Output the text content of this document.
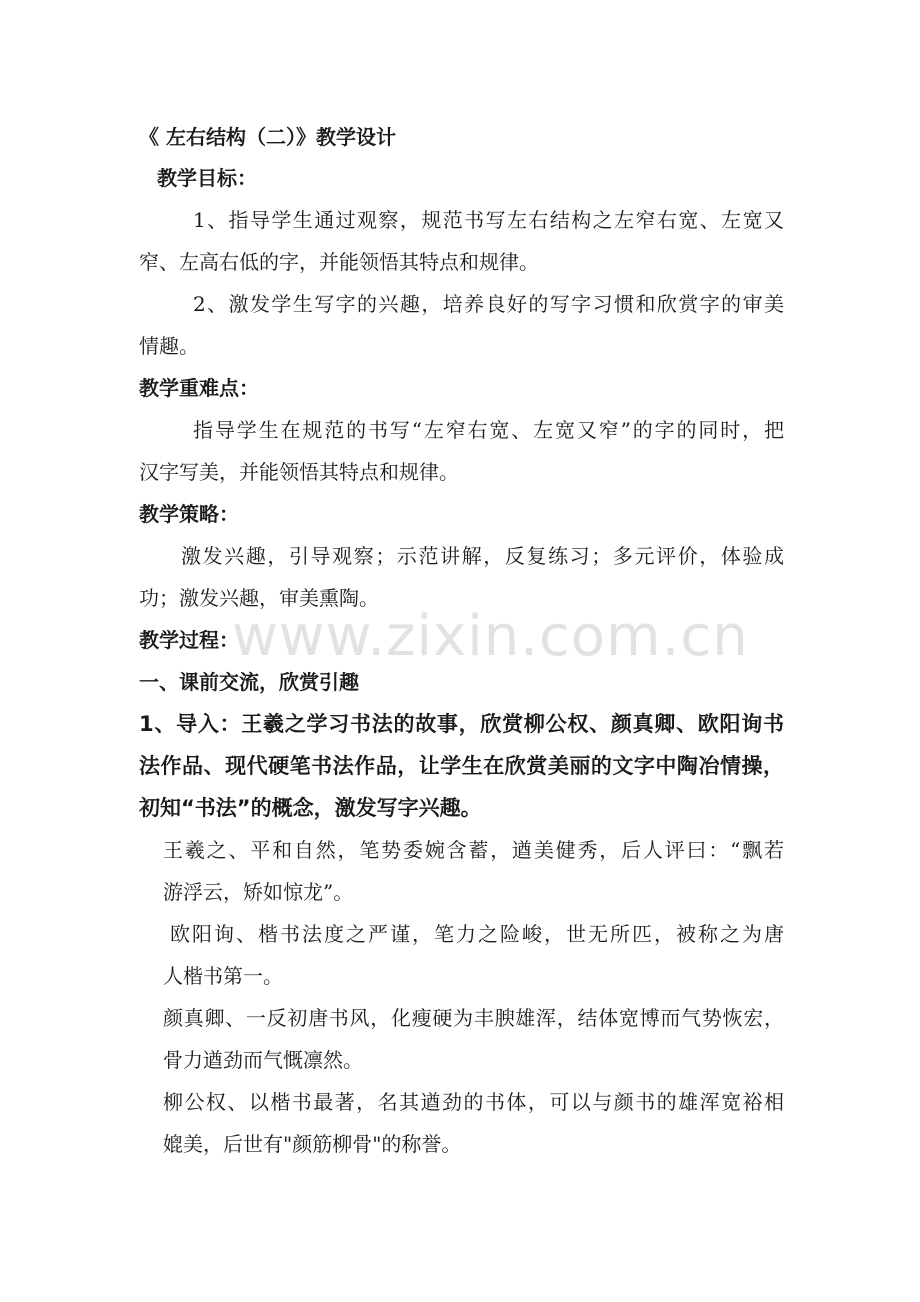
《 左右结构（二）》教学设计
教学目标：
1、指导学生通过观察，规范书写左右结构之左窄右宽、左宽又
窄、左高右低的字，并能领悟其特点和规律。
2、激发学生写字的兴趣，培养良好的写字习惯和欣赏字的审美
情趣。
教学重难点：
指导学生在规范的书写“左窄右宽、左宽又窄”的字的同时，把
汉字写美，并能领悟其特点和规律。
教学策略：
激发兴趣，引导观察；示范讲解，反复练习；多元评价，体验成
功；激发兴趣，审美熏陶。
教学过程：
一、课前交流，欣赏引趣
1、导入：王羲之学习书法的故事，欣赏柳公权、颜真卿、欧阳询书
法作品、现代硬笔书法作品，让学生在欣赏美丽的文字中陶冶情操，
初知“书法”的概念，激发写字兴趣。
王羲之、平和自然，笔势委婉含蓄，遒美健秀，后人评曰：“飘若
游浮云，矫如惊龙”。
欧阳询、楷书法度之严谨，笔力之险峻，世无所匹，被称之为唐
人楷书第一。
颜真卿、一反初唐书风，化瘦硬为丰腴雄浑，结体宽博而气势恢宏，
骨力遒劲而气慨凛然。
柳公权、以楷书最著，名其遒劲的书体，可以与颜书的雄浑宽裕相
媲美，后世有"颜筋柳骨"的称誉。
www.zixin.com.cn
